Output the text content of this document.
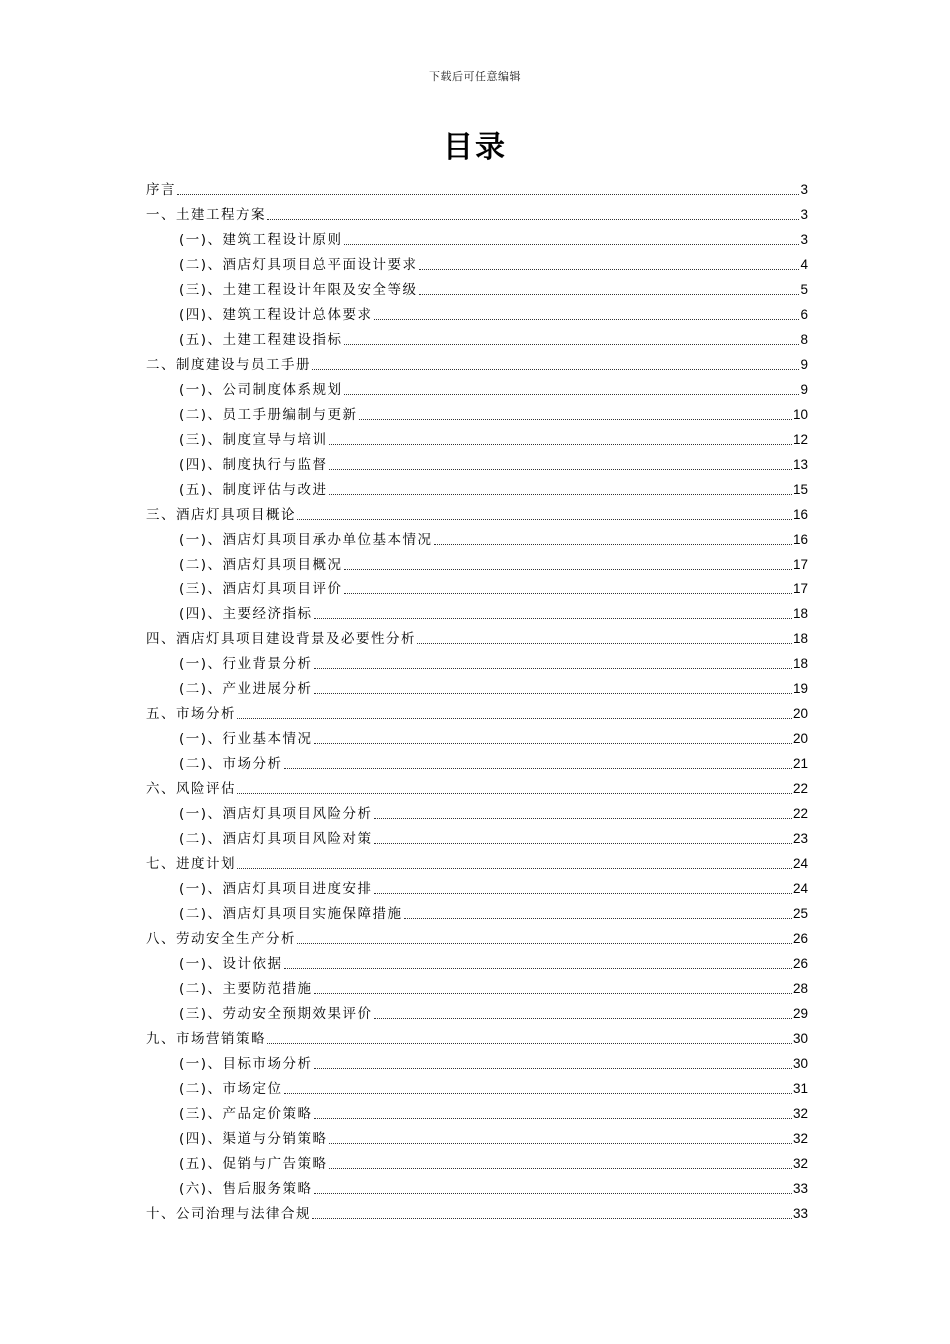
下载后可任意编辑
目录
序言	3
一、土建工程方案	3
(一)、建筑工程设计原则	3
(二)、酒店灯具项目总平面设计要求	4
(三)、土建工程设计年限及安全等级	5
(四)、建筑工程设计总体要求	6
(五)、土建工程建设指标	8
二、制度建设与员工手册	9
(一)、公司制度体系规划	9
(二)、员工手册编制与更新	10
(三)、制度宣导与培训	12
(四)、制度执行与监督	13
(五)、制度评估与改进	15
三、酒店灯具项目概论	16
(一)、酒店灯具项目承办单位基本情况	16
(二)、酒店灯具项目概况	17
(三)、酒店灯具项目评价	17
(四)、主要经济指标	18
四、酒店灯具项目建设背景及必要性分析	18
(一)、行业背景分析	18
(二)、产业进展分析	19
五、市场分析	20
(一)、行业基本情况	20
(二)、市场分析	21
六、风险评估	22
(一)、酒店灯具项目风险分析	22
(二)、酒店灯具项目风险对策	23
七、进度计划	24
(一)、酒店灯具项目进度安排	24
(二)、酒店灯具项目实施保障措施	25
八、劳动安全生产分析	26
(一)、设计依据	26
(二)、主要防范措施	28
(三)、劳动安全预期效果评价	29
九、市场营销策略	30
(一)、目标市场分析	30
(二)、市场定位	31
(三)、产品定价策略	32
(四)、渠道与分销策略	32
(五)、促销与广告策略	32
(六)、售后服务策略	33
十、公司治理与法律合规	33
